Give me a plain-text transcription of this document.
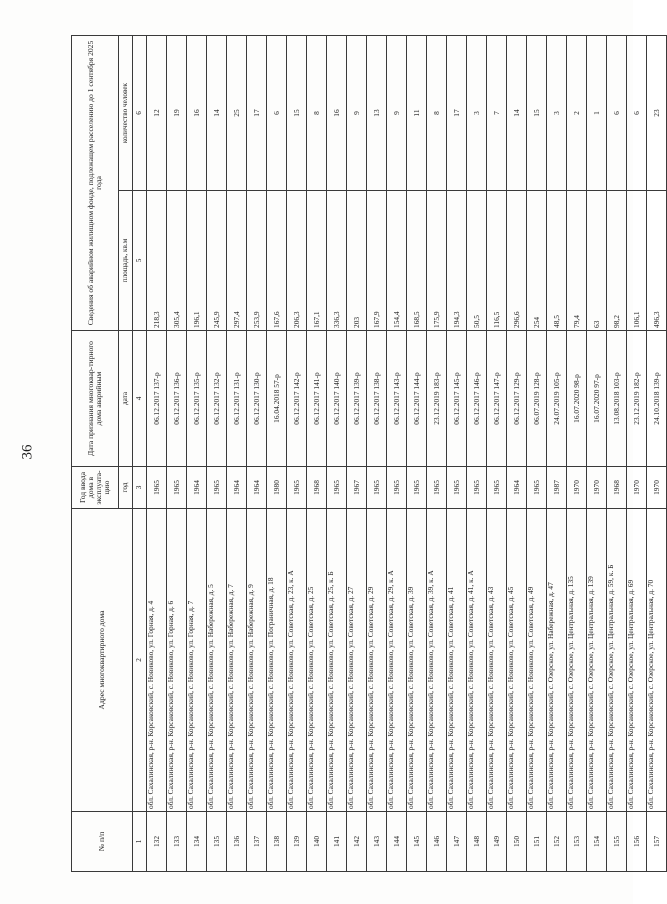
36
№ п/п	Адрес многоквартирного дома	Год ввода дома в эксплуата-цию	Дата признания многоквар-тирного дома аварийным	Сведения об аварийном жилищном фонде, подлежащем расселению до 1 сентября 2025 года	
		год	дата	площадь, кв.м	количество человек
1	2	3	4	5	6
132	обл. Сахалинская, р-н. Корсаковский, с. Новиково, ул. Горная, д. 4	1965	06.12.2017 137-р	218,3	12
133	обл. Сахалинская, р-н. Корсаковский, с. Новиково, ул. Горная, д. 6	1965	06.12.2017 136-р	305,4	19
134	обл. Сахалинская, р-н. Корсаковский, с. Новиково, ул. Горная, д. 7	1964	06.12.2017 135-р	196,1	16
135	обл. Сахалинская, р-н. Корсаковский, с. Новиково, ул. Набережная, д. 5	1965	06.12.2017 132-р	245,9	14
136	обл. Сахалинская, р-н. Корсаковский, с. Новиково, ул. Набережная, д. 7	1964	06.12.2017 131-р	297,4	25
137	обл. Сахалинская, р-н. Корсаковский, с. Новиково, ул. Набережная, д. 9	1964	06.12.2017 130-р	253,9	17
138	обл. Сахалинская, р-н. Корсаковский, с. Новиково, ул. Пограничная, д. 18	1980	16.04.2018 57-р	167,6	6
139	обл. Сахалинская, р-н. Корсаковский, с. Новиково, ул. Советская, д. 23, к. А	1965	06.12.2017 142-р	206,3	15
140	обл. Сахалинская, р-н. Корсаковский, с. Новиково, ул. Советская, д. 25	1968	06.12.2017 141-р	167,1	8
141	обл. Сахалинская, р-н. Корсаковский, с. Новиково, ул. Советская, д. 25, к. Б	1965	06.12.2017 140-р	336,3	16
142	обл. Сахалинская, р-н. Корсаковский, с. Новиково, ул. Советская, д. 27	1967	06.12.2017 139-р	203	9
143	обл. Сахалинская, р-н. Корсаковский, с. Новиково, ул. Советская, д. 29	1965	06.12.2017 138-р	167,9	13
144	обл. Сахалинская, р-н. Корсаковский, с. Новиково, ул. Советская, д. 29, к. А	1965	06.12.2017 143-р	154,4	9
145	обл. Сахалинская, р-н. Корсаковский, с. Новиково, ул. Советская, д. 39	1965	06.12.2017 144-р	168,5	11
146	обл. Сахалинская, р-н. Корсаковский, с. Новиково, ул. Советская, д. 39, к. А	1965	23.12.2019 183-р	175,9	8
147	обл. Сахалинская, р-н. Корсаковский, с. Новиково, ул. Советская, д. 41	1965	06.12.2017 145-р	194,3	17
148	обл. Сахалинская, р-н. Корсаковский, с. Новиково, ул. Советская, д. 41, к. А	1965	06.12.2017 146-р	50,5	3
149	обл. Сахалинская, р-н. Корсаковский, с. Новиково, ул. Советская, д. 43	1965	06.12.2017 147-р	116,5	7
150	обл. Сахалинская, р-н. Корсаковский, с. Новиково, ул. Советская, д. 45	1964	06.12.2017 129-р	296,6	14
151	обл. Сахалинская, р-н. Корсаковский, с. Новиково, ул. Советская, д. 49	1965	06.07.2019 128-р	254	15
152	обл. Сахалинская, р-н. Корсаковский, с. Озерское, ул. Набережная, д. 47	1987	24.07.2019 105-р	48,5	3
153	обл. Сахалинская, р-н. Корсаковский, с. Озерское, ул. Центральная, д. 135	1970	16.07.2020 98-р	79,4	2
154	обл. Сахалинская, р-н. Корсаковский, с. Озерское, ул. Центральная, д. 139	1970	16.07.2020 97-р	63	1
155	обл. Сахалинская, р-н. Корсаковский, с. Озерское, ул. Центральная, д. 59, к. Б	1968	13.08.2018 103-р	98,2	6
156	обл. Сахалинская, р-н. Корсаковский, с. Озерское, ул. Центральная, д. 69	1970	23.12.2019 182-р	106,1	6
157	обл. Сахалинская, р-н. Корсаковский, с. Озерское, ул. Центральная, д. 70	1970	24.10.2018 139-р	496,3	23
